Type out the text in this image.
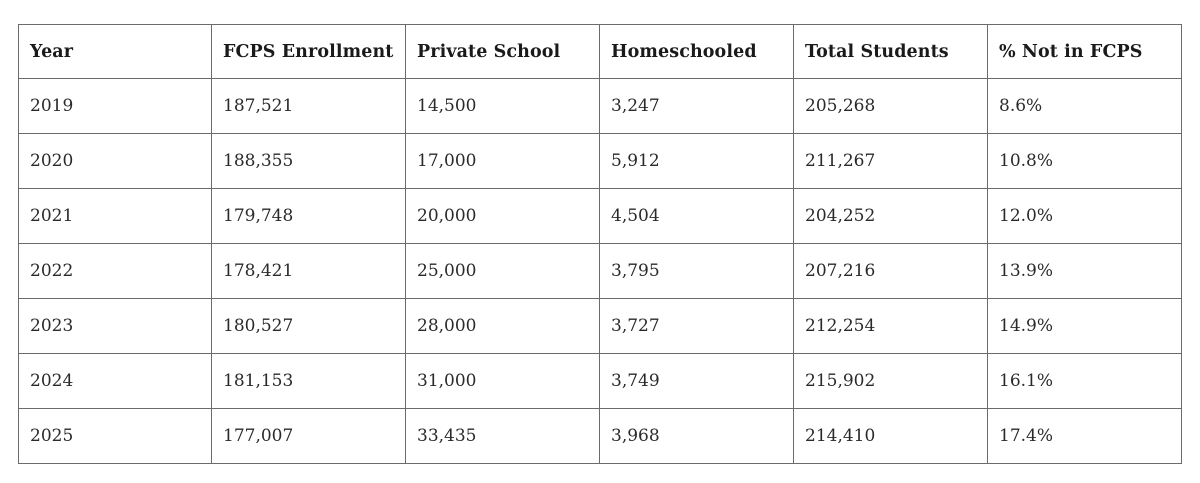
Year	FCPS Enrollment	Private School	Homeschooled	Total Students	% Not in FCPS
2019	187,521	14,500	3,247	205,268	8.6%
2020	188,355	17,000	5,912	211,267	10.8%
2021	179,748	20,000	4,504	204,252	12.0%
2022	178,421	25,000	3,795	207,216	13.9%
2023	180,527	28,000	3,727	212,254	14.9%
2024	181,153	31,000	3,749	215,902	16.1%
2025	177,007	33,435	3,968	214,410	17.4%
